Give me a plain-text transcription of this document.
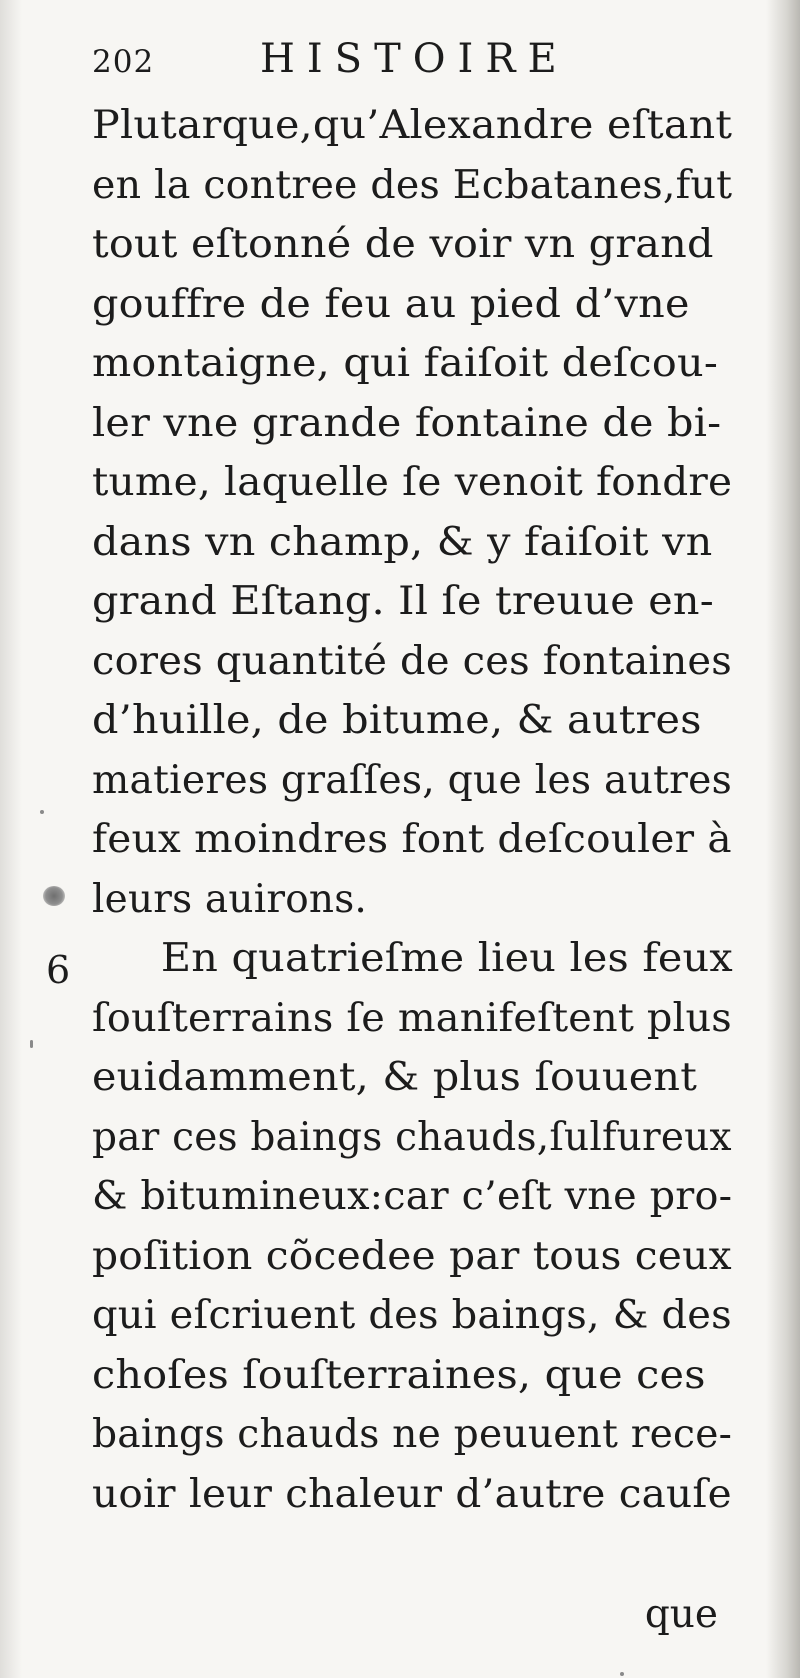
202	HISTOIRE
6
Plutarque,qu’Alexandre eſtant
en la contree des Ecbatanes,fut
tout eſtonné de voir vn grand
gouffre de feu au pied d’vne
montaigne, qui faiſoit deſcou-
ler vne grande fontaine de bi-
tume, laquelle ſe venoit fondre
dans vn champ, & y faiſoit vn
grand Eſtang. Il ſe treuue en-
cores quantité de ces fontaines
d’huille, de bitume, & autres
matieres graſſes, que les autres
feux moindres font deſcouler à
leurs auirons.
En quatrieſme lieu les feux
ſouſterrains ſe manifeſtent plus
euidamment, & plus ſouuent
par ces baings chauds,ſulfureux
& bitumineux:car c’eſt vne pro-
poſition cõcedee par tous ceux
qui eſcriuent des baings, & des
choſes ſouſterraines, que ces
baings chauds ne peuuent rece-
uoir leur chaleur d’autre cauſe
que
